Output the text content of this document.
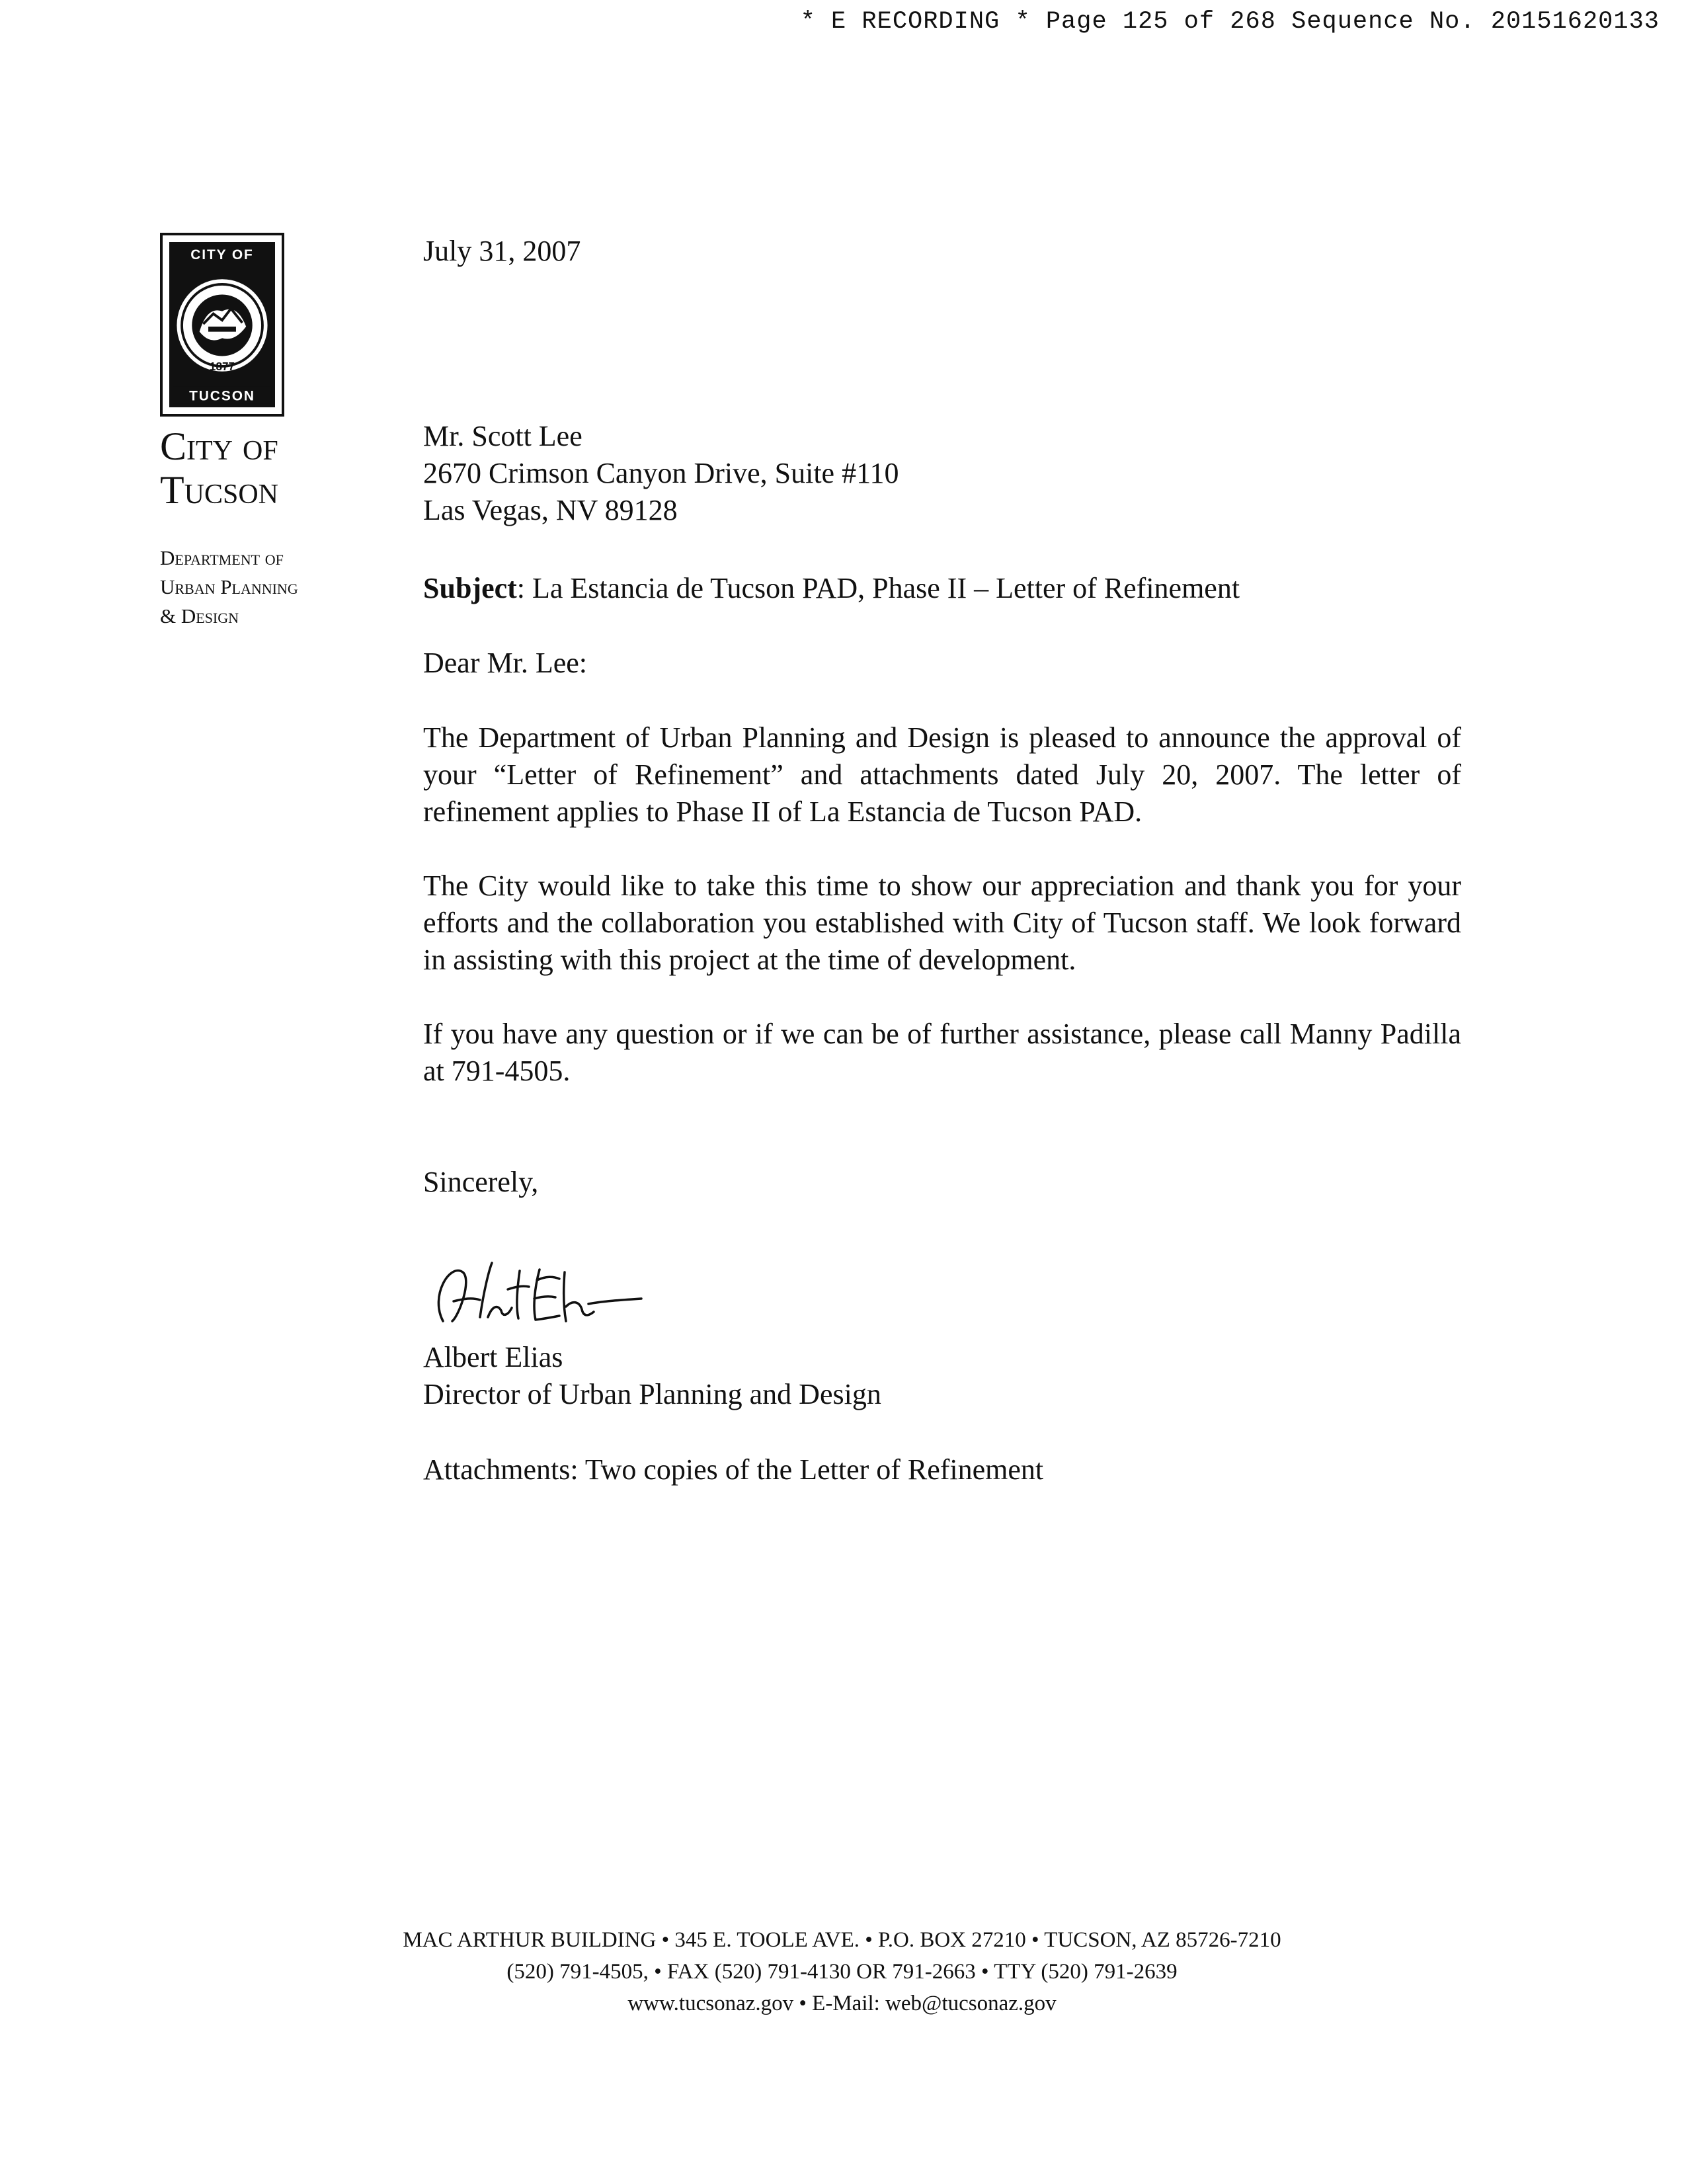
* E RECORDING * Page 125 of 268 Sequence No. 20151620133
CITY OF
1877
TUCSON
City of
Tucson
Department of
Urban Planning
& Design
July 31, 2007
Mr. Scott Lee
2670 Crimson Canyon Drive, Suite #110
Las Vegas, NV 89128
Subject: La Estancia de Tucson PAD, Phase II – Letter of Refinement
Dear Mr. Lee:
The Department of Urban Planning and Design is pleased to announce the approval of your “Letter of Refinement” and attachments dated July 20, 2007. The letter of refinement applies to Phase II of La Estancia de Tucson PAD.
The City would like to take this time to show our appreciation and thank you for your efforts and the collaboration you established with City of Tucson staff. We look forward in assisting with this project at the time of development.
If you have any question or if we can be of further assistance, please call Manny Padilla at 791-4505.
Sincerely,
Albert Elias
Director of Urban Planning and Design
Attachments: Two copies of the Letter of Refinement
MAC ARTHUR BUILDING • 345 E. TOOLE AVE. • P.O. BOX 27210 • TUCSON, AZ 85726-7210
(520) 791-4505, • FAX (520) 791-4130 OR 791-2663 • TTY (520) 791-2639
www.tucsonaz.gov • E-Mail: web@tucsonaz.gov
